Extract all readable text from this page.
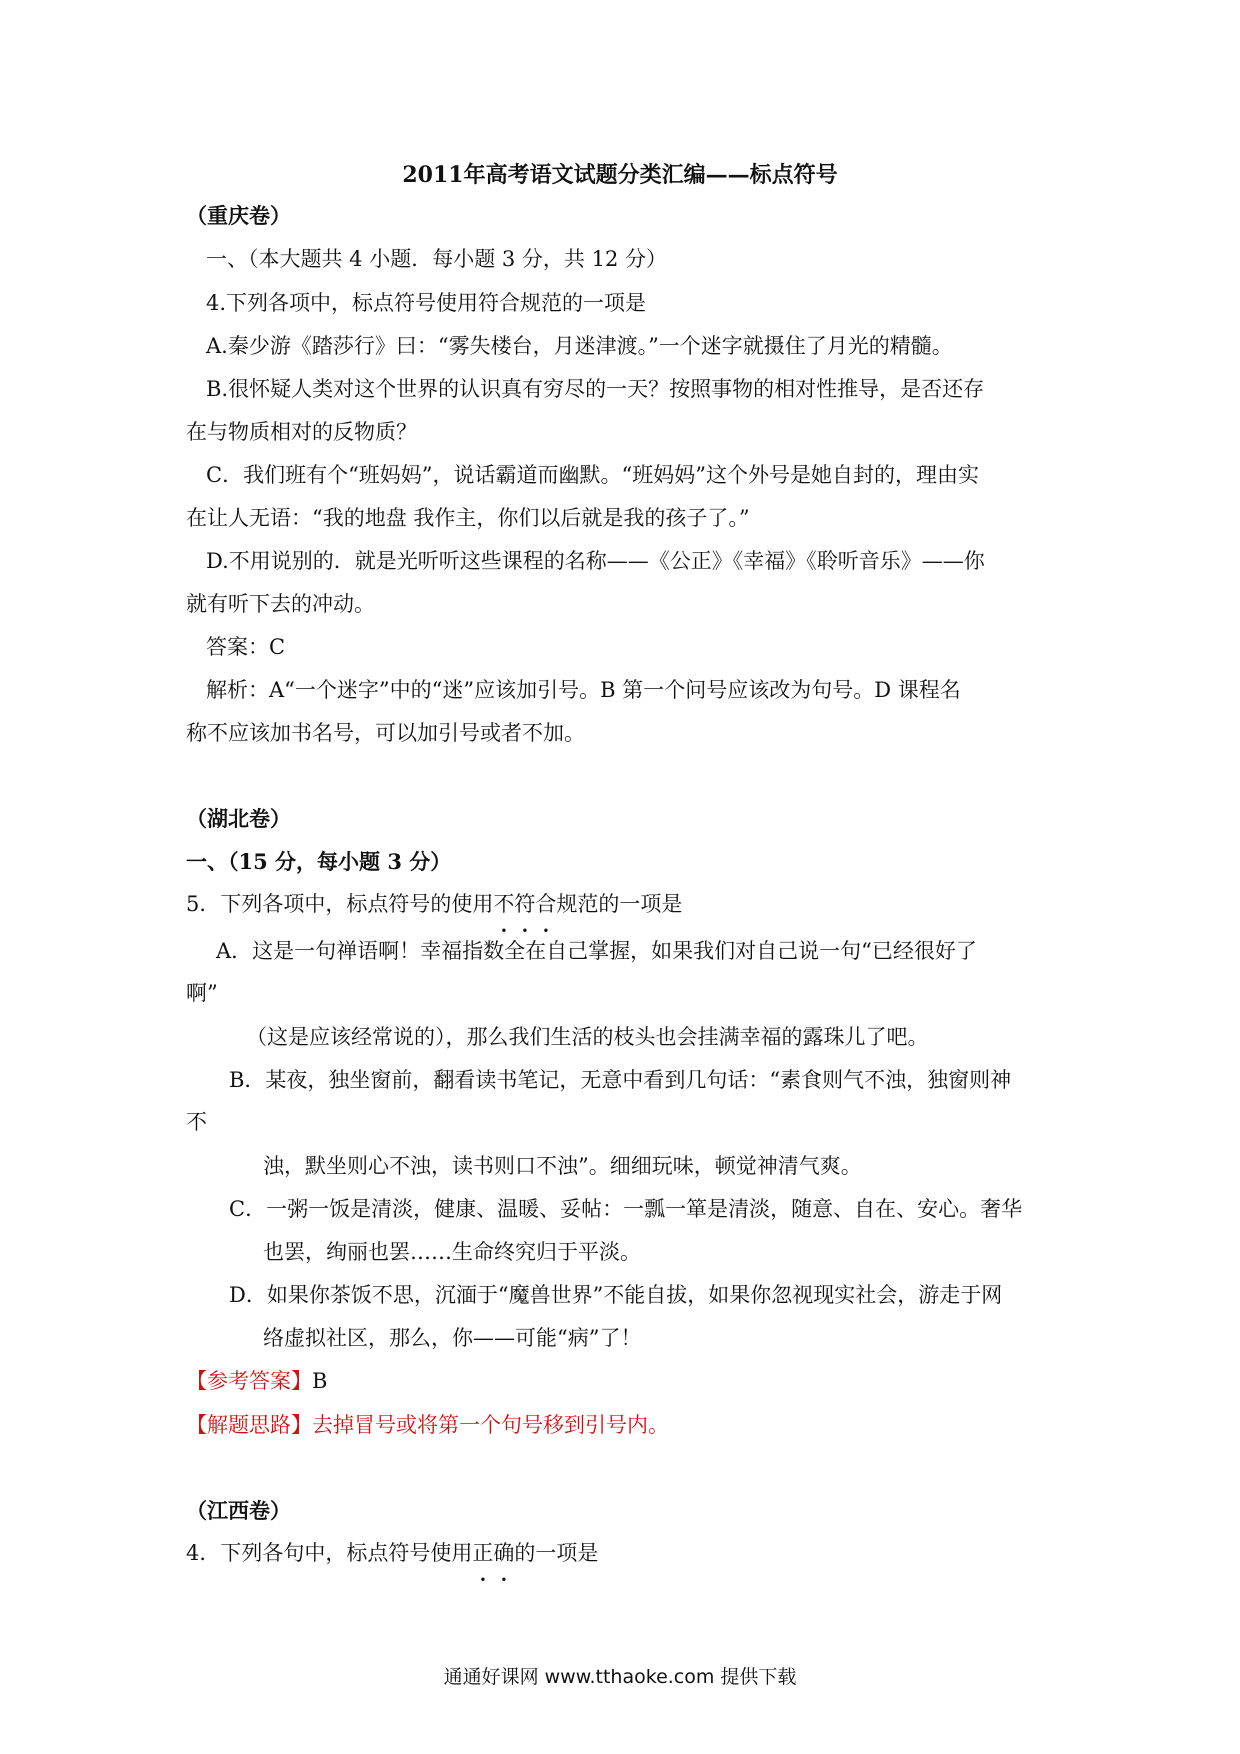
2011年高考语文试题分类汇编——标点符号
（重庆卷）
一、（本大题共 4 小题．每小题 3 分，共 12 分）
4.下列各项中，标点符号使用符合规范的一项是
A.秦少游《踏莎行》曰：“雾失楼台，月迷津渡。”一个迷字就摄住了月光的精髓。
B.很怀疑人类对这个世界的认识真有穷尽的一天？按照事物的相对性推导，是否还存
在与物质相对的反物质？
C．我们班有个“班妈妈”，说话霸道而幽默。“班妈妈”这个外号是她自封的，理由实
在让人无语：“我的地盘 我作主，你们以后就是我的孩子了。”
D.不用说别的．就是光听听这些课程的名称——《公正》《幸福》《聆听音乐》——你
就有听下去的冲动。
答案：C
解析：A“一个迷字”中的“迷”应该加引号。B 第一个问号应该改为句号。D 课程名
称不应该加书名号，可以加引号或者不加。
（湖北卷）
一、（15 分，每小题 3 分）
5．下列各项中，标点符号的使用不符合规范的一项是
A．这是一句禅语啊！幸福指数全在自己掌握，如果我们对自己说一句“已经很好了
啊”
（这是应该经常说的），那么我们生活的枝头也会挂满幸福的露珠儿了吧。
B．某夜，独坐窗前，翻看读书笔记，无意中看到几句话：“素食则气不浊，独窗则神
不
浊，默坐则心不浊，读书则口不浊”。细细玩味，顿觉神清气爽。
C．一粥一饭是清淡，健康、温暖、妥帖：一瓢一箪是清淡，随意、自在、安心。奢华
也罢，绚丽也罢……生命终究归于平淡。
D．如果你茶饭不思，沉湎于“魔兽世界”不能自拔，如果你忽视现实社会，游走于网
络虚拟社区，那么，你——可能“病”了！
【参考答案】B
【解题思路】去掉冒号或将第一个句号移到引号内。
（江西卷）
4．下列各句中，标点符号使用正确的一项是
通通好课网 www.tthaoke.com 提供下载
